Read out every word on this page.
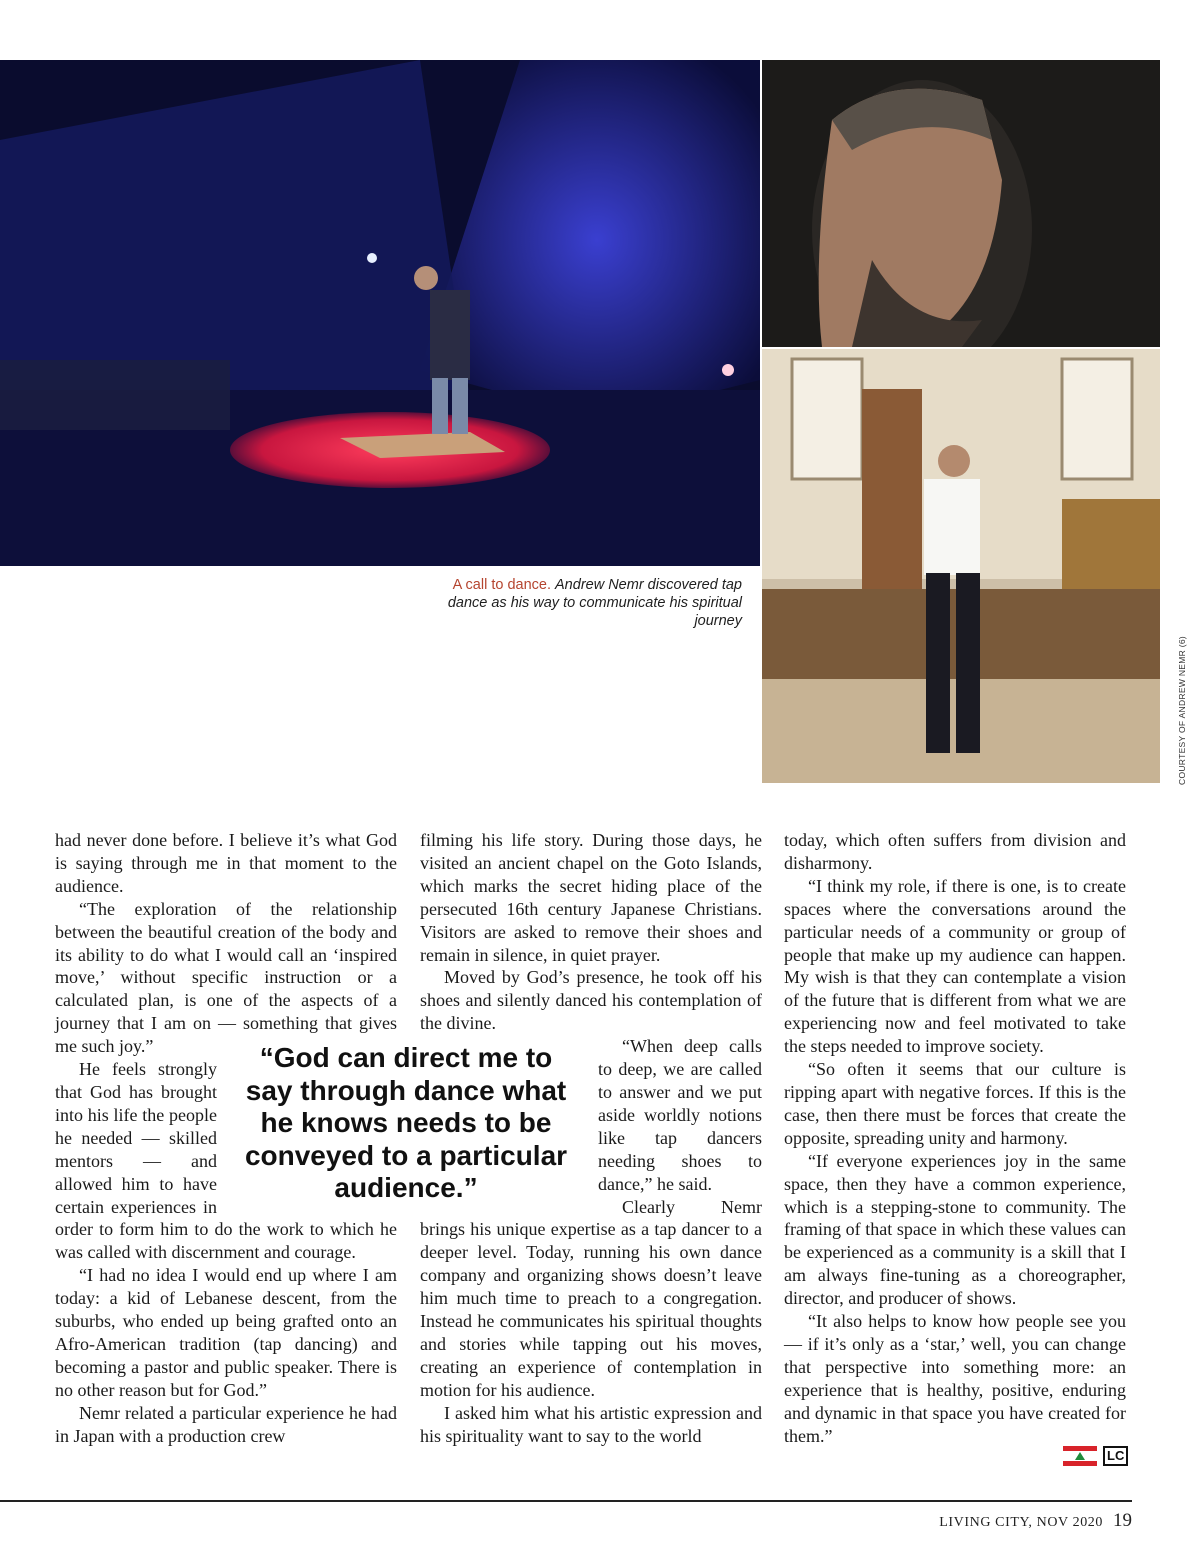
A call to dance. Andrew Nemr discovered tap dance as his way to communicate his spiritual journey
COURTESY OF ANDREW NEMR (6)

had never done before. I believe it’s what God is saying through me in that moment to the audience.

“The exploration of the relationship between the beautiful creation of the body and its ability to do what I would call an ‘inspired move,’ without specific instruction or a calculated plan, is one of the aspects of a journey that I am on — something that gives me such joy.”

He feels strongly that God has brought into his life the people he needed — skilled mentors — and allowed him to have certain experiences in order to form him to do the work to which he was called with discernment and courage.

“I had no idea I would end up where I am today: a kid of Lebanese descent, from the suburbs, who ended up being grafted onto an Afro-American tradition (tap dancing) and becoming a pastor and public speaker. There is no other reason but for God.”

Nemr related a particular experience he had in Japan with a production crew

filming his life story. During those days, he visited an ancient chapel on the Goto Islands, which marks the secret hiding place of the persecuted 16th century Japanese Christians. Visitors are asked to remove their shoes and remain in silence, in quiet prayer.

Moved by God’s presence, he took off his shoes and silently danced his contemplation of the divine.

“When deep calls to deep, we are called to answer and we put aside worldly notions like tap dancers needing shoes to dance,” he said.

Clearly Nemr brings his unique expertise as a tap dancer to a deeper level. Today, running his own dance company and organizing shows doesn’t leave him much time to preach to a congregation. Instead he communicates his spiritual thoughts and stories while tapping out his moves, creating an experience of contemplation in motion for his audience.

I asked him what his artistic expression and his spirituality want to say to the world

today, which often suffers from division and disharmony.

“I think my role, if there is one, is to create spaces where the conversations around the particular needs of a community or group of people that make up my audience can happen. My wish is that they can contemplate a vision of the future that is different from what we are experiencing now and feel motivated to take the steps needed to improve society.

“So often it seems that our culture is ripping apart with negative forces. If this is the case, then there must be forces that create the opposite, spreading unity and harmony.

“If everyone experiences joy in the same space, then they have a common experience, which is a stepping-stone to community. The framing of that space in which these values can be experienced as a community is a skill that I am always fine-tuning as a choreographer, director, and producer of shows.

“It also helps to know how people see you — if it’s only as a ‘star,’ well, you can change that perspective into something more: an experience that is healthy, positive, enduring and dynamic in that space you have created for them.”

“God can direct me to say through dance what he knows needs to be conveyed to a particular audience.”
LC
LIVING CITY, NOV 2020 19
